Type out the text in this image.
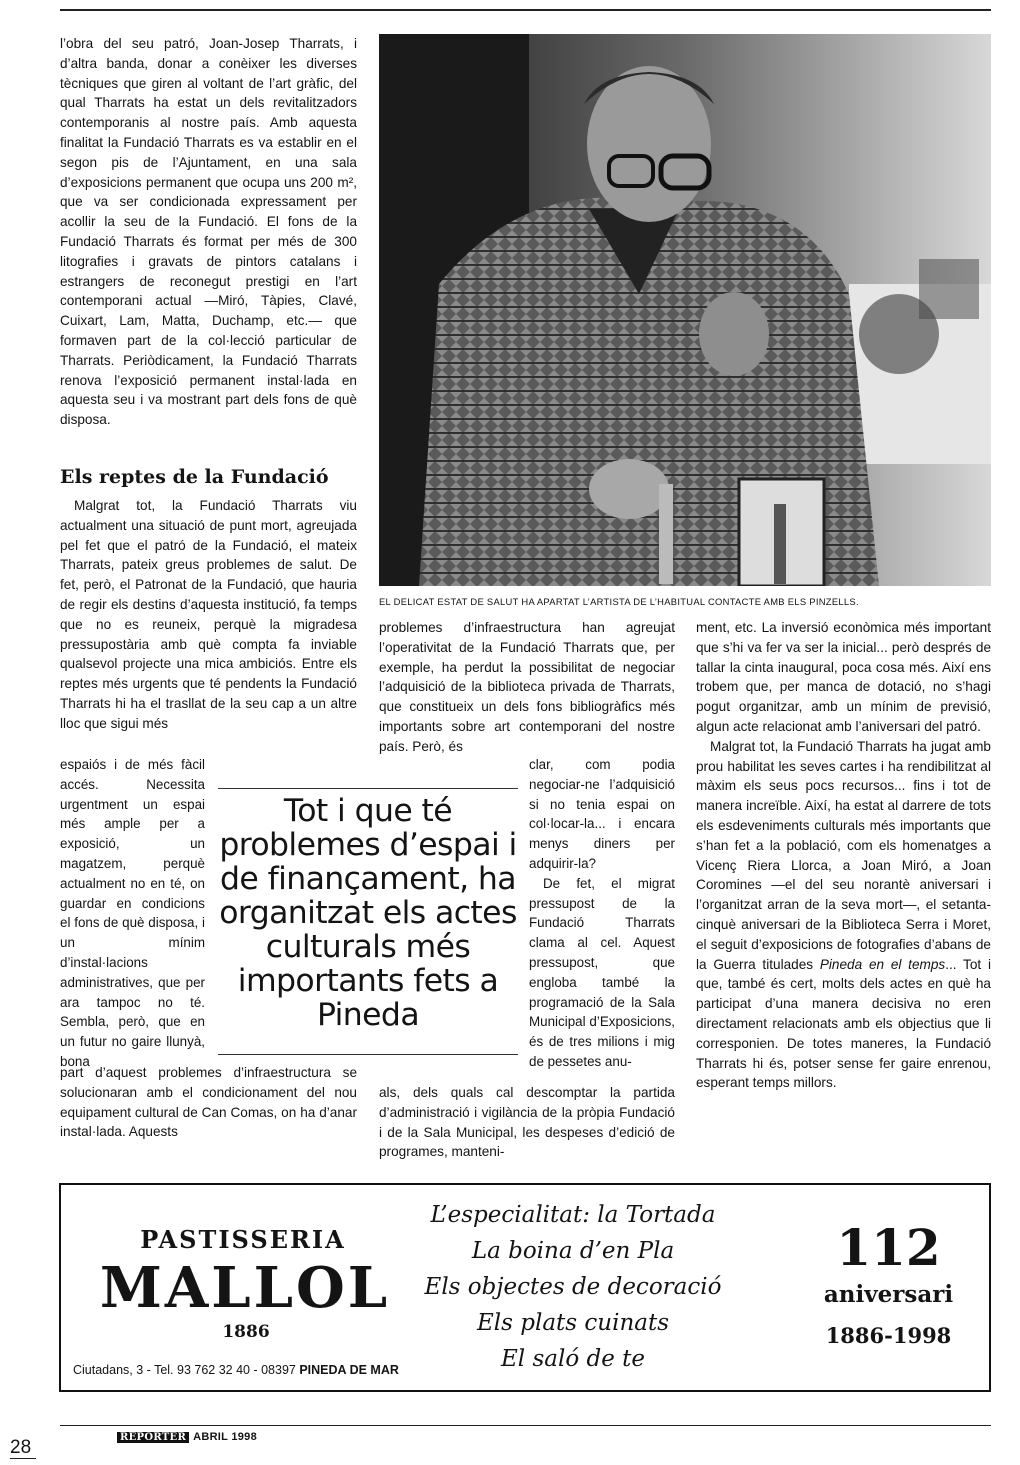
l’obra del seu patró, Joan-Josep Tharrats, i d’altra banda, donar a conèixer les diverses tècniques que giren al voltant de l’art gràfic, del qual Tharrats ha estat un dels revitalitzadors contemporanis al nostre país. Amb aquesta finalitat la Fundació Tharrats es va establir en el segon pis de l’Ajuntament, en una sala d’exposicions permanent que ocupa uns 200 m², que va ser condicionada expressament per acollir la seu de la Fundació. El fons de la Fundació Tharrats és format per més de 300 litografies i gravats de pintors catalans i estrangers de reconegut prestigi en l’art contemporani actual —Miró, Tàpies, Clavé, Cuixart, Lam, Matta, Duchamp, etc.— que formaven part de la col·lecció particular de Tharrats. Periòdicament, la Fundació Tharrats renova l’exposició permanent instal·lada en aquesta seu i va mostrant part dels fons de què disposa.

Els reptes de la Fundació

Malgrat tot, la Fundació Tharrats viu actualment una situació de punt mort, agreujada pel fet que el patró de la Fundació, el mateix Tharrats, pateix greus problemes de salut. De fet, però, el Patronat de la Fundació, que hauria de regir els destins d’aquesta institució, fa temps que no es reuneix, perquè la migradesa pressupostària amb què compta fa inviable qualsevol projecte una mica ambiciós. Entre els reptes més urgents que té pendents la Fundació Tharrats hi ha el trasllat de la seu cap a un altre lloc que sigui més

espaiós i de més fàcil accés. Necessita urgentment un espai més ample per a exposició, un magatzem, perquè actualment no en té, on guardar en condicions el fons de què disposa, i un mínim d’instal·lacions administratives, que per ara tampoc no té. Sembla, però, que en un futur no gaire llunyà, bona

part d’aquest problemes d’infraestructura se solucionaran amb el condicionament del nou equipament cultural de Can Comas, on ha d’anar instal·lada. Aquests

EL DELICAT ESTAT DE SALUT HA APARTAT L’ARTISTA DE L’HABITUAL CONTACTE AMB ELS PINZELLS.

problemes d’infraestructura han agreujat l’operativitat de la Fundació Tharrats que, per exemple, ha perdut la possibilitat de negociar l’adquisició de la biblioteca privada de Tharrats, que constitueix un dels fons bibliogràfics més importants sobre art contemporani del nostre país. Però, és

clar, com podia negociar-ne l’adquisició si no tenia espai on col·locar-la... i encara menys diners per adquirir-la?

De fet, el migrat pressupost de la Fundació Tharrats clama al cel. Aquest pressupost, que engloba també la programació de la Sala Municipal d’Exposicions, és de tres milions i mig de pessetes anu-

als, dels quals cal descomptar la partida d’administració i vigilància de la pròpia Fundació i de la Sala Municipal, les despeses d’edició de programes, manteni-

ment, etc. La inversió econòmica més important que s’hi va fer va ser la inicial... però després de tallar la cinta inaugural, poca cosa més. Així ens trobem que, per manca de dotació, no s’hagi pogut organitzar, amb un mínim de previsió, algun acte relacionat amb l’aniversari del patró.

Malgrat tot, la Fundació Tharrats ha jugat amb prou habilitat les seves cartes i ha rendibilitzat al màxim els seus pocs recursos... fins i tot de manera increïble. Així, ha estat al darrere de tots els esdeveniments culturals més importants que s’han fet a la població, com els homenatges a Vicenç Riera Llorca, a Joan Miró, a Joan Coromines —el del seu norantè aniversari i l’organitzat arran de la seva mort—, el setanta-cinquè aniversari de la Biblioteca Serra i Moret, el seguit d’exposicions de fotografies d’abans de la Guerra titulades Pineda en el temps... Tot i que, també és cert, molts dels actes en què ha participat d’una manera decisiva no eren directament relacionats amb els objectius que li corresponien. De totes maneres, la Fundació Tharrats hi és, potser sense fer gaire enrenou, esperant temps millors.

Tot i que té problemes d’espai i de finançament, ha organitzat els actes culturals més importants fets a Pineda
PASTISSERIA
MALLOL
1886
Ciutadans, 3 - Tel. 93 762 32 40 - 08397 PINEDA DE MAR
L’especialitat: la Tortada
La boina d’en Pla
Els objectes de decoració
Els plats cuinats
El saló de te
112
aniversari
1886-1998
28	REPORTER ABRIL 1998
